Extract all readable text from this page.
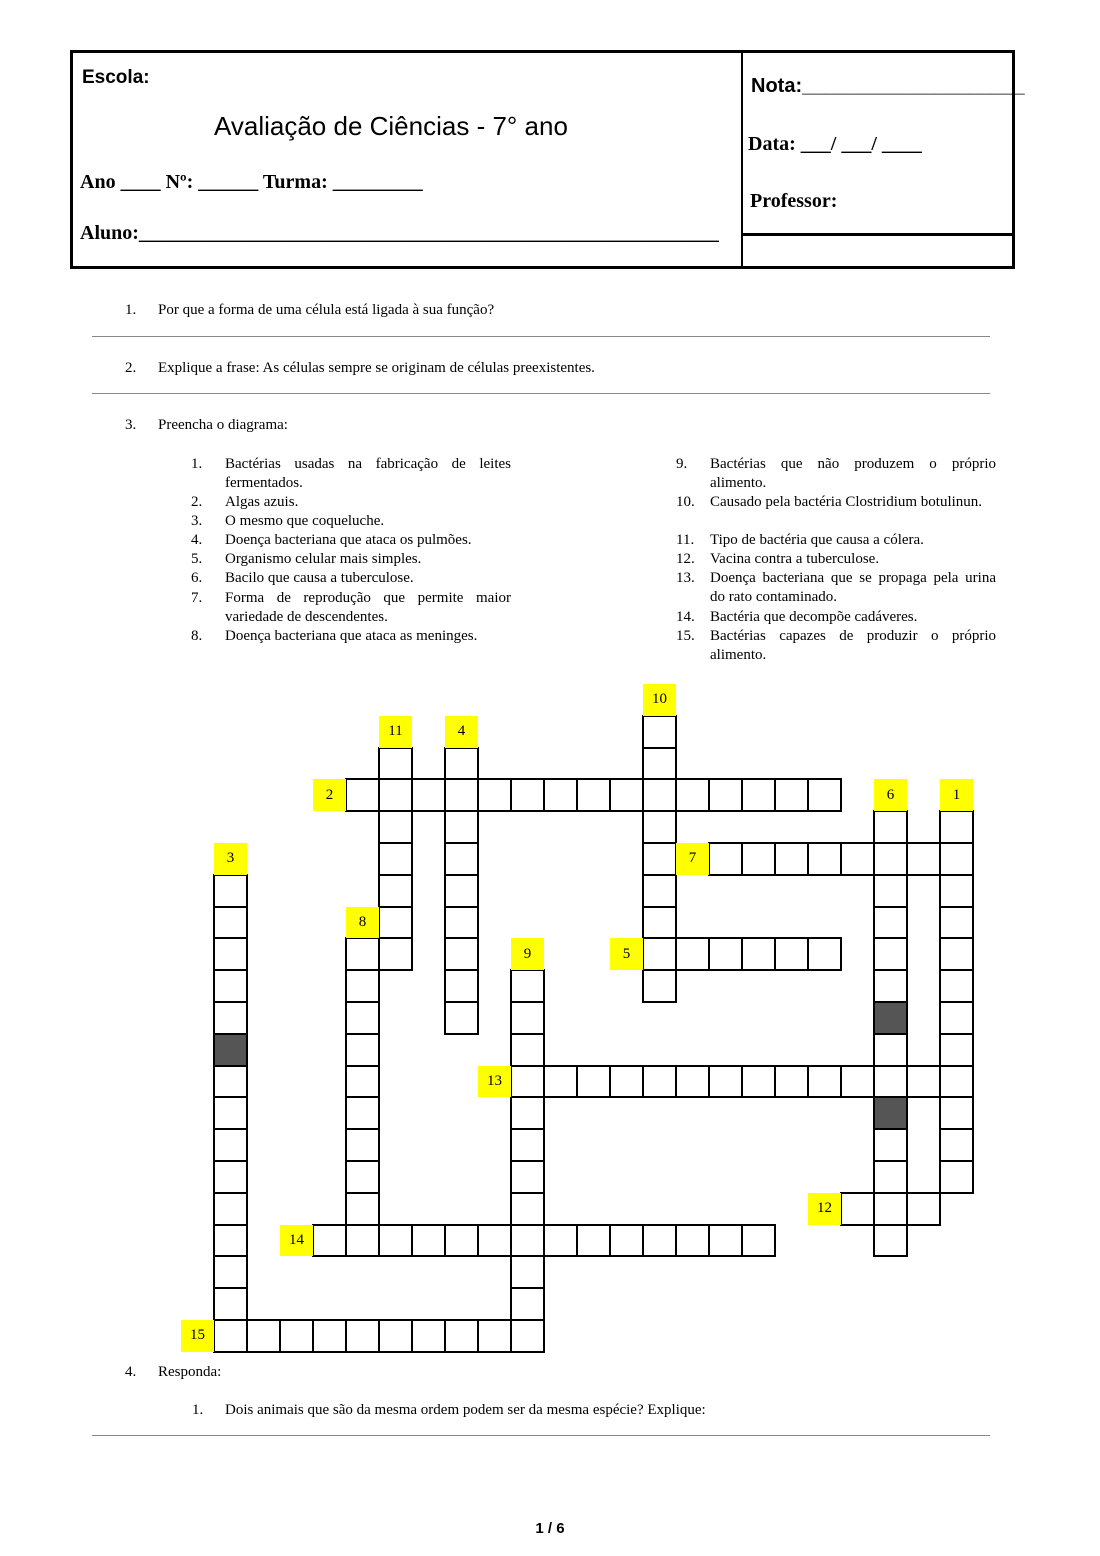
Escola:
Avaliação de Ciências - 7° ano
Ano ____ Nº: ______ Turma: _________
Aluno:__________________________________________________________
Nota:____________________
Data: ___/ ___/ ____
Professor:
1. Por que a forma de uma célula está ligada à sua função?
2. Explique a frase: As células sempre se originam de células preexistentes.
3. Preencha o diagrama:
1. Bactérias usadas na fabricação de leites fermentados.
2. Algas azuis.
3. O mesmo que coqueluche.
4. Doença bacteriana que ataca os pulmões.
5. Organismo celular mais simples.
6. Bacilo que causa a tuberculose.
7. Forma de reprodução que permite maior variedade de descendentes.
8. Doença bacteriana que ataca as meninges.
9. Bactérias que não produzem o próprio alimento.
10. Causado pela bactéria Clostridium botulinun.
11. Tipo de bactéria que causa a cólera.
12. Vacina contra a tuberculose.
13. Doença bacteriana que se propaga pela urina do rato contaminado.
14. Bactéria que decompõe cadáveres.
15. Bactérias capazes de produzir o próprio alimento.
1
2
3
4
5
6
7
8
9
10
11
12
13
14
15
4. Responda:
1. Dois animais que são da mesma ordem podem ser da mesma espécie? Explique:
1 / 6
